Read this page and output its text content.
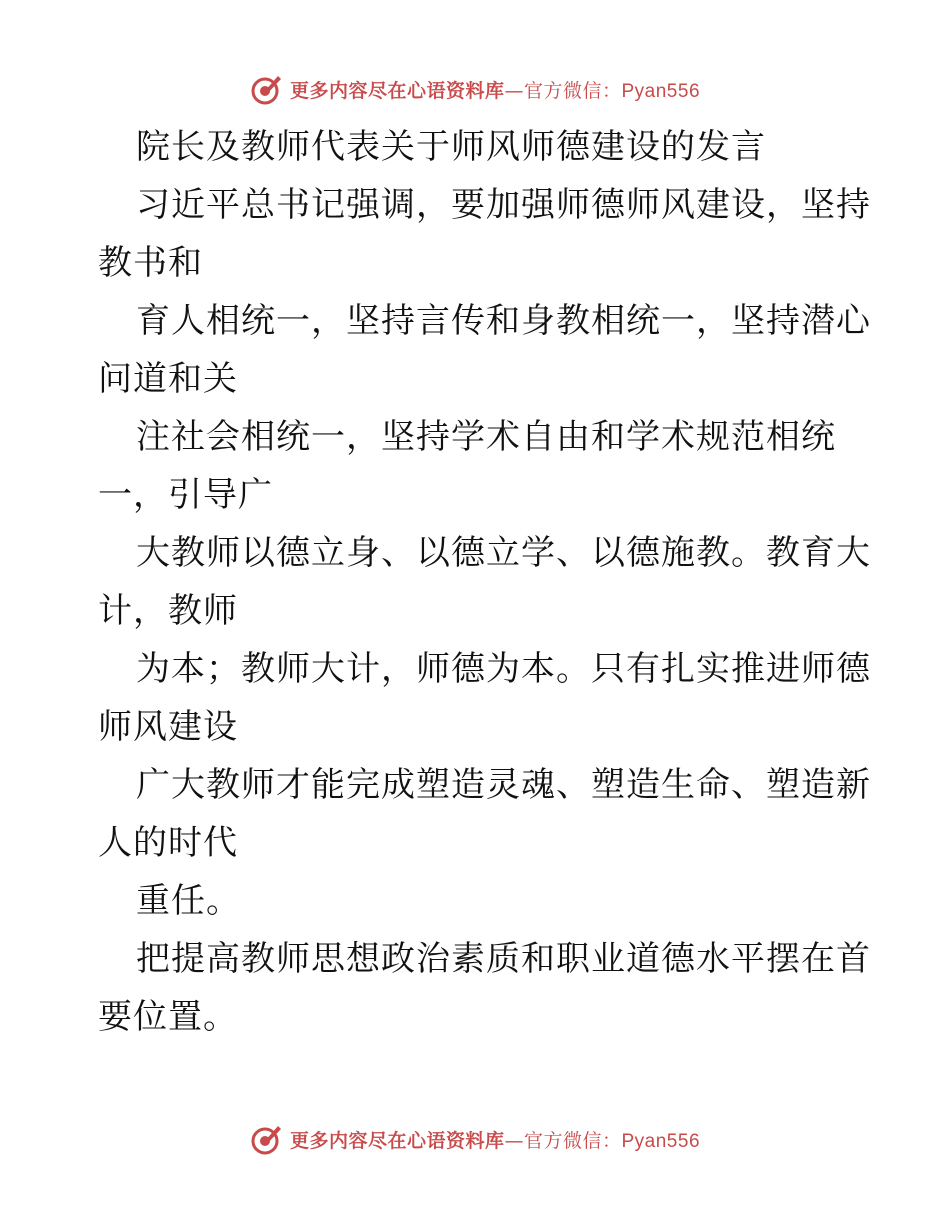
更多内容尽在心语资料库—官方微信：Pyan556
院长及教师代表关于师风师德建设的发言
习近平总书记强调，要加强师德师风建设，坚持
教书和
育人相统一，坚持言传和身教相统一，坚持潜心
问道和关
注社会相统一，坚持学术自由和学术规范相统
一，引导广
大教师以德立身、以德立学、以德施教。教育大
计，教师
为本；教师大计，师德为本。只有扎实推进师德
师风建设
广大教师才能完成塑造灵魂、塑造生命、塑造新
人的时代
重任。
把提高教师思想政治素质和职业道德水平摆在首
要位置。
更多内容尽在心语资料库—官方微信：Pyan556
